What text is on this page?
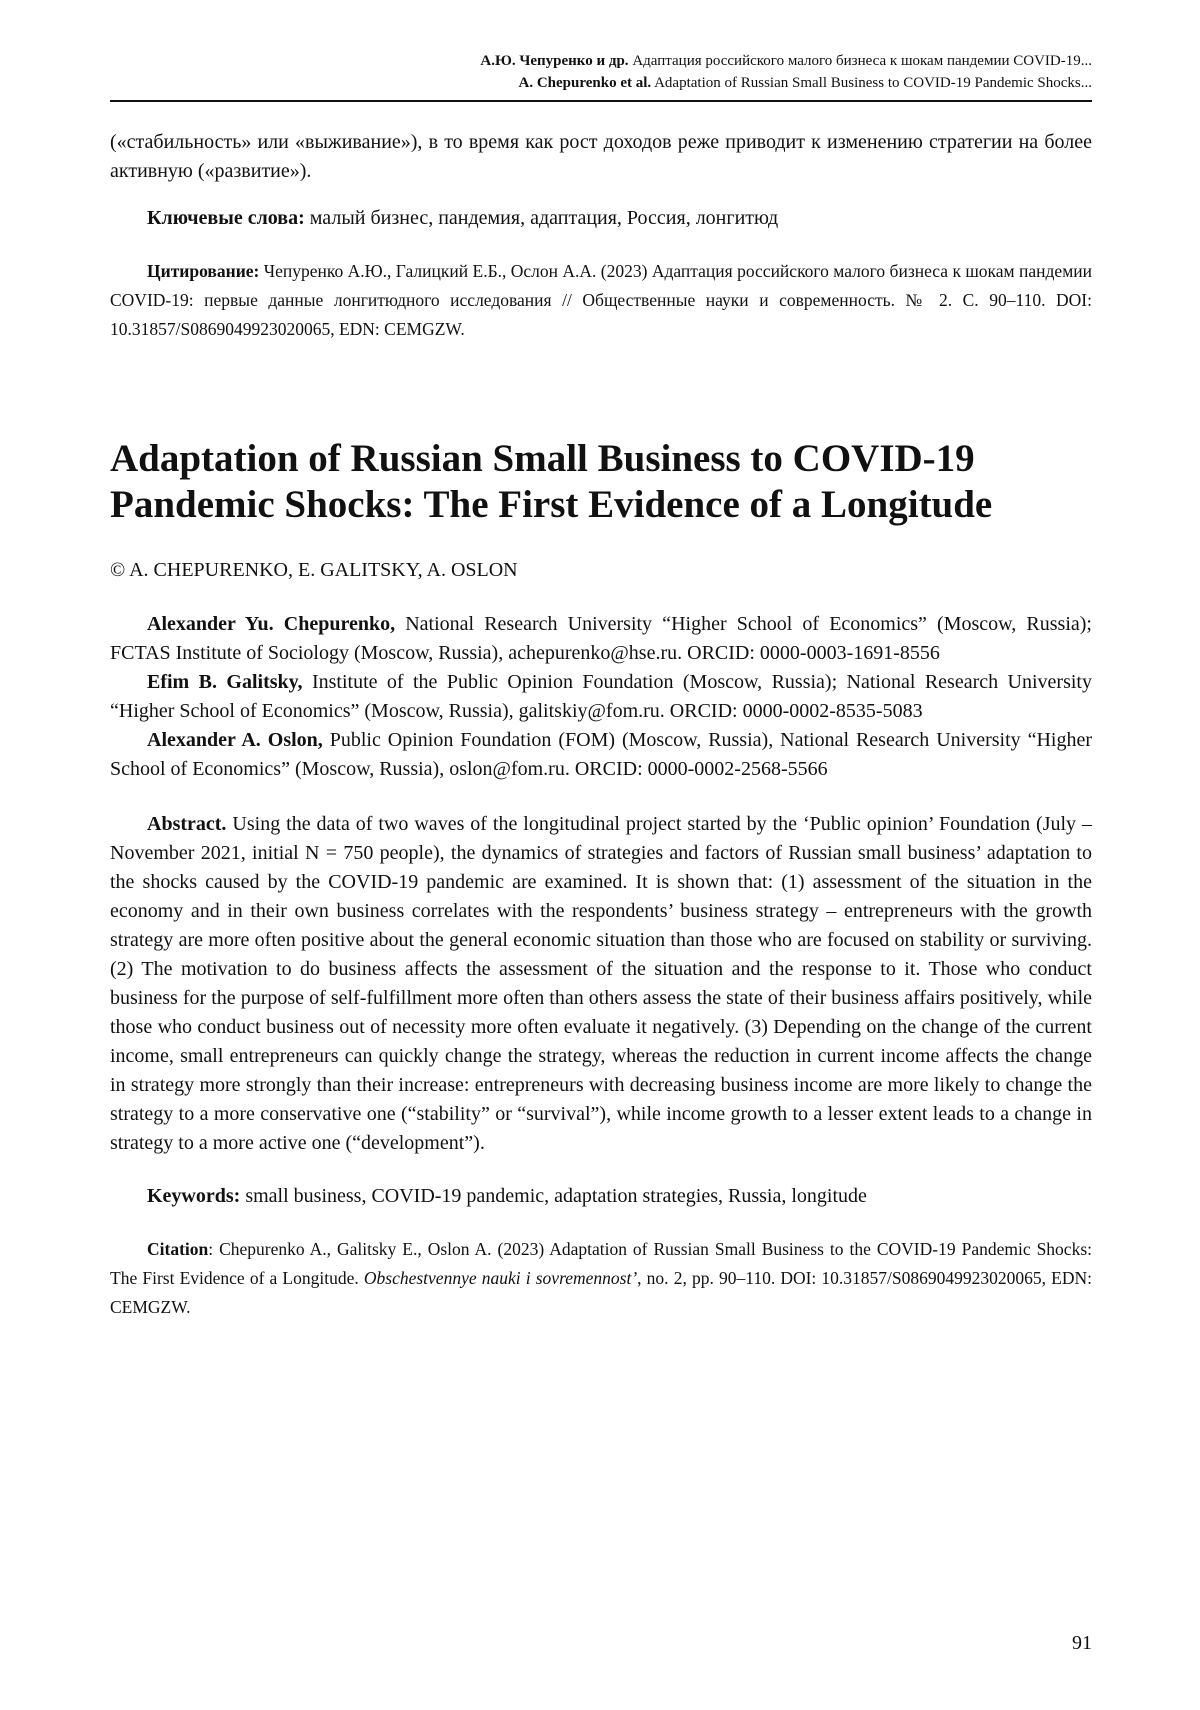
А.Ю. Чепуренко и др. Адаптация российского малого бизнеса к шокам пандемии COVID-19...
A. Chepurenko et al. Adaptation of Russian Small Business to COVID-19 Pandemic Shocks...

(«стабильность» или «выживание»), в то время как рост доходов реже приводит к изменению стратегии на более активную («развитие»).

Ключевые слова: малый бизнес, пандемия, адаптация, Россия, лонгитюд

Цитирование: Чепуренко А.Ю., Галицкий Е.Б., Ослон А.А. (2023) Адаптация российского малого бизнеса к шокам пандемии COVID-19: первые данные лонгитюдного исследования // Общественные науки и современность. № 2. С. 90–110. DOI: 10.31857/S0869049923020065, EDN: CEMGZW.

Adaptation of Russian Small Business to COVID-19 Pandemic Shocks: The First Evidence of a Longitude
© A. CHEPURENKO, E. GALITSKY, A. OSLON

Alexander Yu. Chepurenko, National Research University “Higher School of Economics” (Moscow, Russia); FCTAS Institute of Sociology (Moscow, Russia), achepurenko@hse.ru. ORCID: 0000-0003-1691-8556

Efim B. Galitsky, Institute of the Public Opinion Foundation (Moscow, Russia); National Research University “Higher School of Economics” (Moscow, Russia), galitskiy@fom.ru. ORCID: 0000-0002-8535-5083

Alexander A. Oslon, Public Opinion Foundation (FOM) (Moscow, Russia), National Research University “Higher School of Economics” (Moscow, Russia), oslon@fom.ru. ORCID: 0000-0002-2568-5566

Abstract. Using the data of two waves of the longitudinal project started by the ‘Public opinion’ Foundation (July – November 2021, initial N = 750 people), the dynamics of strategies and factors of Russian small business’ adaptation to the shocks caused by the COVID-19 pandemic are examined. It is shown that: (1) assessment of the situation in the economy and in their own business correlates with the respondents’ business strategy – entrepreneurs with the growth strategy are more often positive about the general economic situation than those who are focused on stability or surviving. (2) The motivation to do business affects the assessment of the situation and the response to it. Those who conduct business for the purpose of self-fulfillment more often than others assess the state of their business affairs positively, while those who conduct business out of necessity more often evaluate it negatively. (3) Depending on the change of the current income, small entrepreneurs can quickly change the strategy, whereas the reduction in current income affects the change in strategy more strongly than their increase: entrepreneurs with decreasing business income are more likely to change the strategy to a more conservative one (“stability” or “survival”), while income growth to a lesser extent leads to a change in strategy to a more active one (“development”).

Keywords: small business, COVID-19 pandemic, adaptation strategies, Russia, longitude

Citation: Chepurenko A., Galitsky E., Oslon A. (2023) Adaptation of Russian Small Business to the COVID-19 Pandemic Shocks: The First Evidence of a Longitude. Obschestvennye nauki i sovremennost’, no. 2, pp. 90–110. DOI: 10.31857/S0869049923020065, EDN: CEMGZW.

91
